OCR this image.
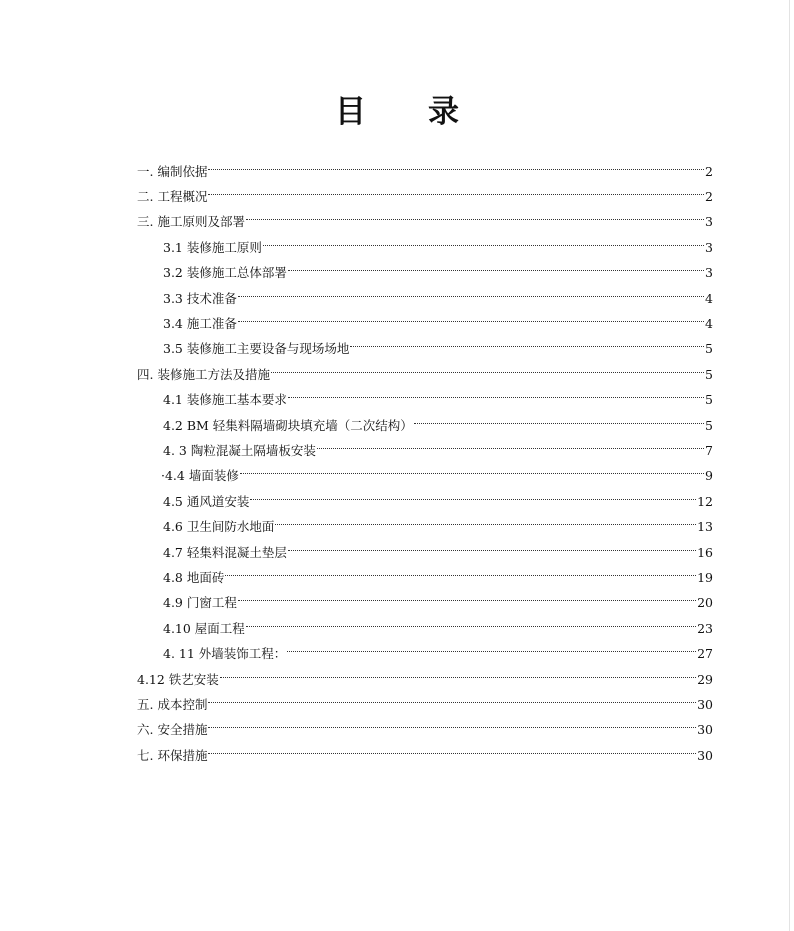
目 录
一. 编制依据	2
二. 工程概况	2
三. 施工原则及部署	3
3.1 装修施工原则	3
3.2 装修施工总体部署	3
3.3 技术准备	4
3.4 施工准备	4
3.5 装修施工主要设备与现场场地	5
四. 装修施工方法及措施	5
4.1 装修施工基本要求	5
4.2 BM 轻集料隔墙砌块填充墙（二次结构）	5
4. 3 陶粒混凝土隔墙板安装	7
·4.4 墙面装修	9
4.5 通风道安装	12
4.6 卫生间防水地面	13
4.7 轻集料混凝土垫层	16
4.8 地面砖	19
4.9 门窗工程	20
4.10 屋面工程	23
4. 11 外墙装饰工程：	27
4.12 铁艺安装	29
五. 成本控制	30
六. 安全措施	30
七. 环保措施	30
